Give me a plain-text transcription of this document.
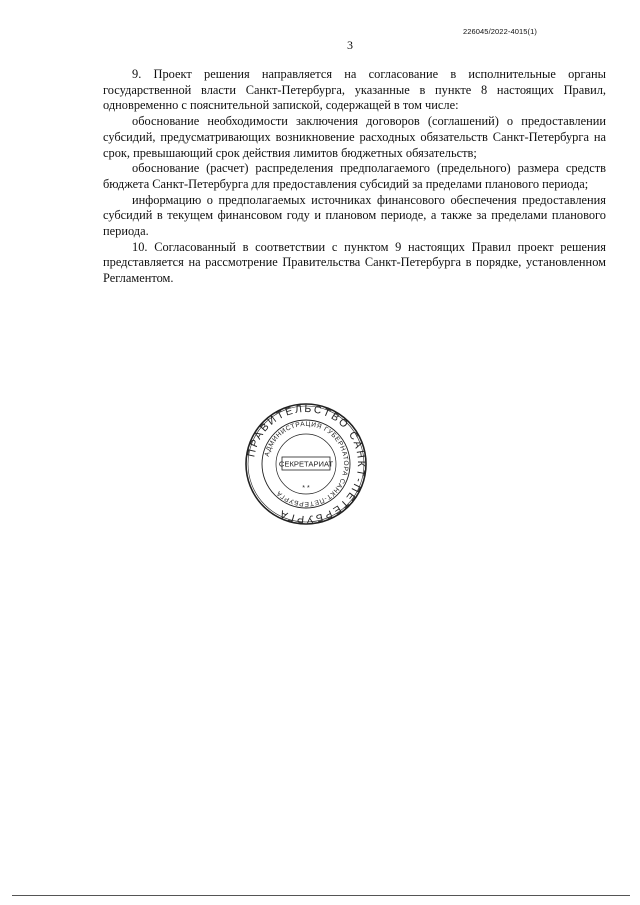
226045/2022-4015(1)
3

9. Проект решения направляется на согласование в исполнительные органы государственной власти Санкт-Петербурга, указанные в пункте 8 настоящих Правил, одновременно с пояснительной запиской, содержащей в том числе:

обоснование необходимости заключения договоров (соглашений) о предоставлении субсидий, предусматривающих возникновение расходных обязательств Санкт-Петербурга на срок, превышающий срок действия лимитов бюджетных обязательств;

обоснование (расчет) распределения предполагаемого (предельного) размера средств бюджета Санкт-Петербурга для предоставления субсидий за пределами планового периода;

информацию о предполагаемых источниках финансового обеспечения предоставления субсидий в текущем финансовом году и плановом периоде, а также за пределами планового периода.

10. Согласованный в соответствии с пунктом 9 настоящих Правил проект решения представляется на рассмотрение Правительства Санкт-Петербурга в порядке, установленном Регламентом.

ПРАВИТЕЛЬСТВО САНКТ-ПЕТЕРБУРГА
АДМИНИСТРАЦИЯ ГУБЕРНАТОРА САНКТ-ПЕТЕРБУРГА
СЕКРЕТАРИАТ
* *
